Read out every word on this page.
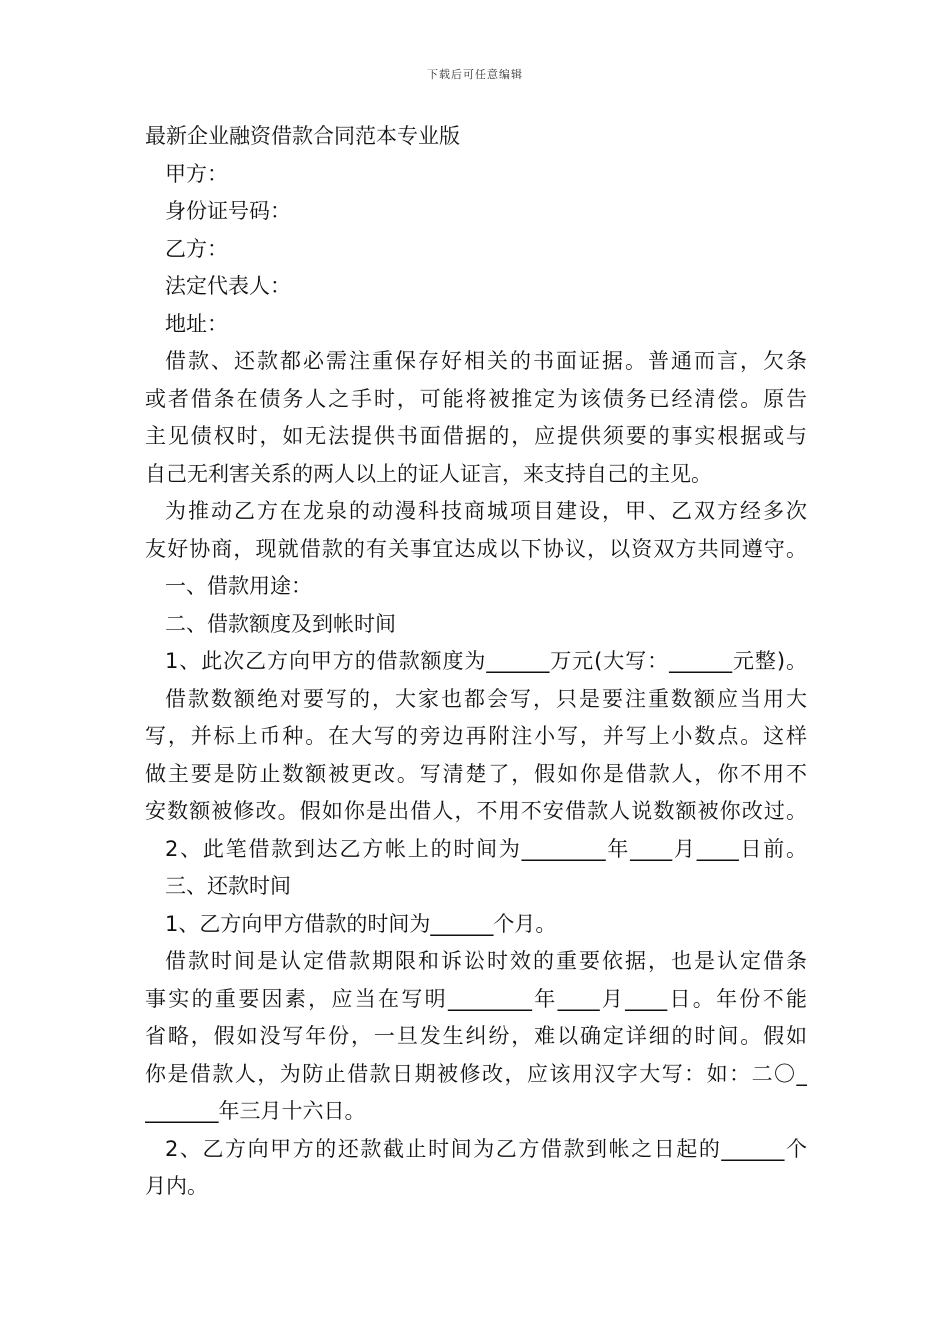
下载后可任意编辑
最新企业融资借款合同范本专业版
甲方：
身份证号码：
乙方：
法定代表人：
地址：
借款、还款都必需注重保存好相关的书面证据。普通而言，欠条
或者借条在债务人之手时，可能将被推定为该债务已经清偿。原告
主见债权时，如无法提供书面借据的，应提供须要的事实根据或与
自己无利害关系的两人以上的证人证言，来支持自己的主见。
为推动乙方在龙泉的动漫科技商城项目建设，甲、乙双方经多次
友好协商，现就借款的有关事宜达成以下协议，以资双方共同遵守。
一、借款用途：
二、借款额度及到帐时间
1、此次乙方向甲方的借款额度为______万元(大写：______元整)。
借款数额绝对要写的，大家也都会写，只是要注重数额应当用大
写，并标上币种。在大写的旁边再附注小写，并写上小数点。这样
做主要是防止数额被更改。写清楚了，假如你是借款人，你不用不
安数额被修改。假如你是出借人，不用不安借款人说数额被你改过。
2、此笔借款到达乙方帐上的时间为________年____月____日前。
三、还款时间
1、乙方向甲方借款的时间为______个月。
借款时间是认定借款期限和诉讼时效的重要依据，也是认定借条
事实的重要因素，应当在写明________年____月____日。年份不能
省略，假如没写年份，一旦发生纠纷，难以确定详细的时间。假如
你是借款人，为防止借款日期被修改，应该用汉字大写：如：二〇_
_______年三月十六日。
2、乙方向甲方的还款截止时间为乙方借款到帐之日起的______个
月内。
